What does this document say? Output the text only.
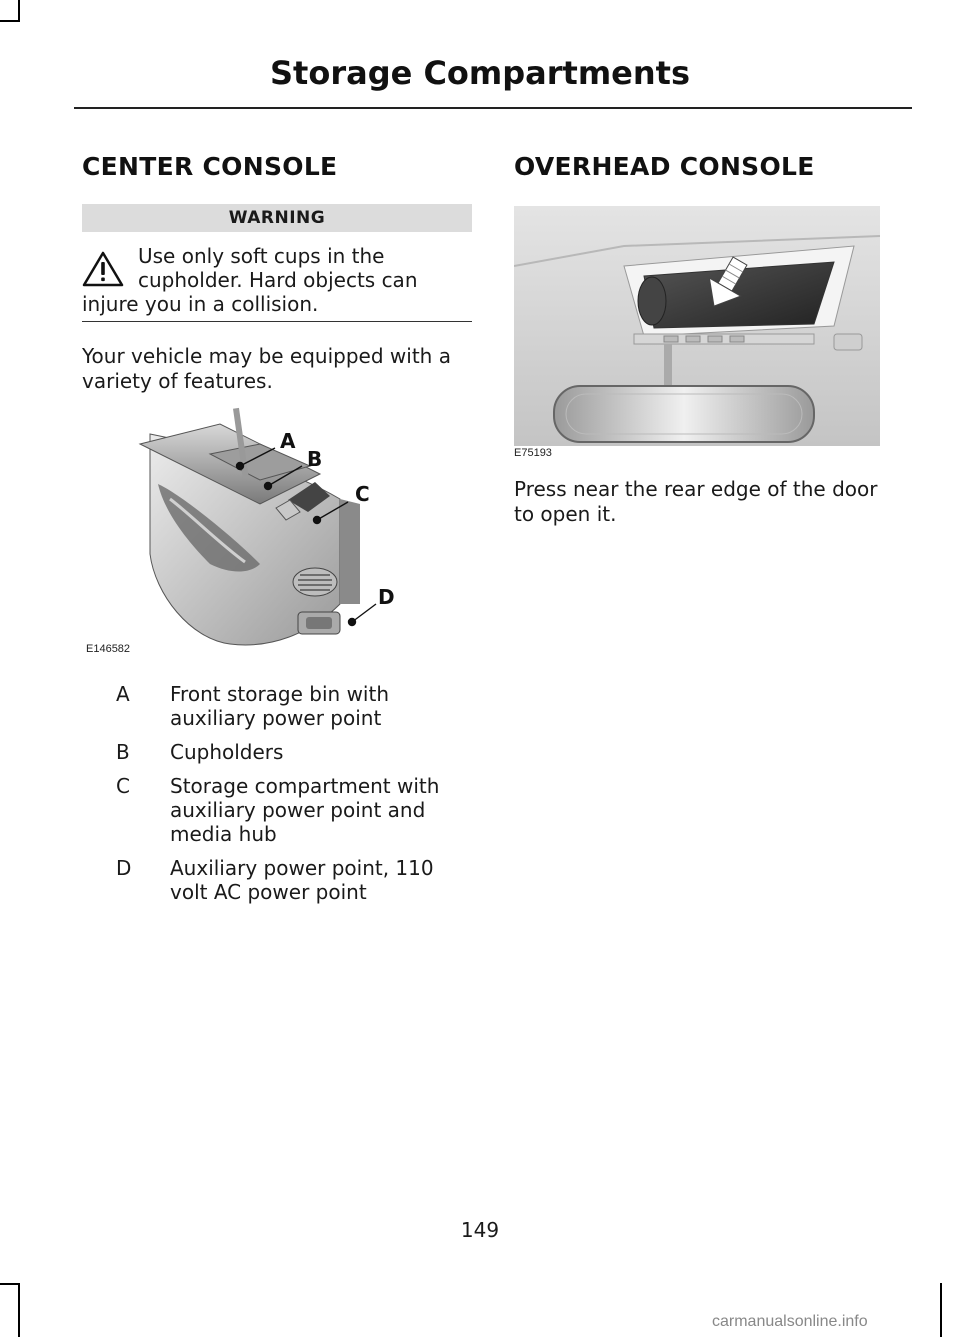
Storage Compartments
CENTER CONSOLE
WARNING
Use only soft cups in the
cupholder. Hard objects can
injure you in a collision.
Your vehicle may be equipped with a
variety of features.
A
B
C
D
E146582
A	Front storage bin with auxiliary power point
B	Cupholders
C	Storage compartment with auxiliary power point and media hub
D	Auxiliary power point, 110 volt AC power point
OVERHEAD CONSOLE
E75193
Press near the rear edge of the door
to open it.
149
carmanualsonline.info
